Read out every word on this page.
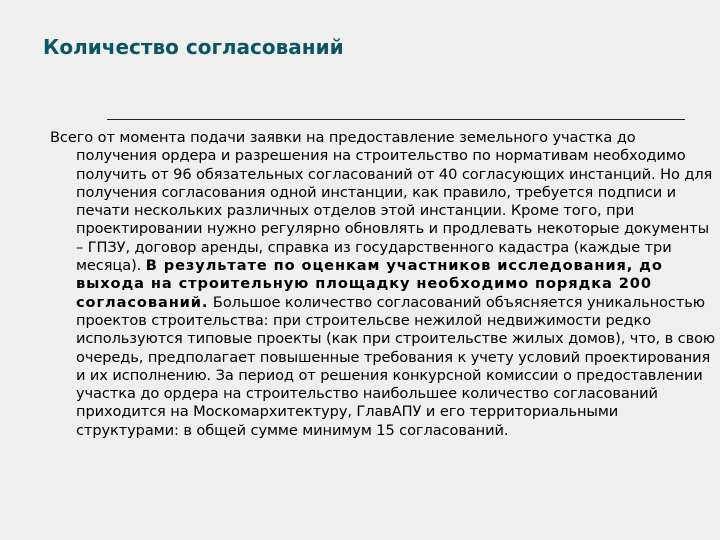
Количество согласований

Всего от момента подачи заявки на предоставление земельного участка до получения ордера и разрешения на строительство по нормативам необходимо получить от 96 обязательных согласований от 40 согласующих инстанций. Но для получения согласования одной инстанции, как правило, требуется подписи и печати нескольких различных отделов этой инстанции. Кроме того, при проектировании нужно регулярно обновлять и продлевать некоторые документы – ГПЗУ, договор аренды, справка из государственного кадастра (каждые три месяца). В результате по оценкам участников исследования, до выхода на строительную площадку необходимо порядка 200 согласований. Большое количество согласований объясняется уникальностью проектов строительства: при строительсве нежилой недвижимости редко используются типовые проекты (как при строительстве жилых домов), что, в свою очередь, предполагает повышенные требования к учету условий проектирования и их исполнению. За период от решения конкурсной комиссии о предоставлении участка до ордера на строительство наибольшее количество согласований приходится на Москомархитектуру, ГлавАПУ и его территориальными структурами: в общей сумме минимум 15 согласований.
